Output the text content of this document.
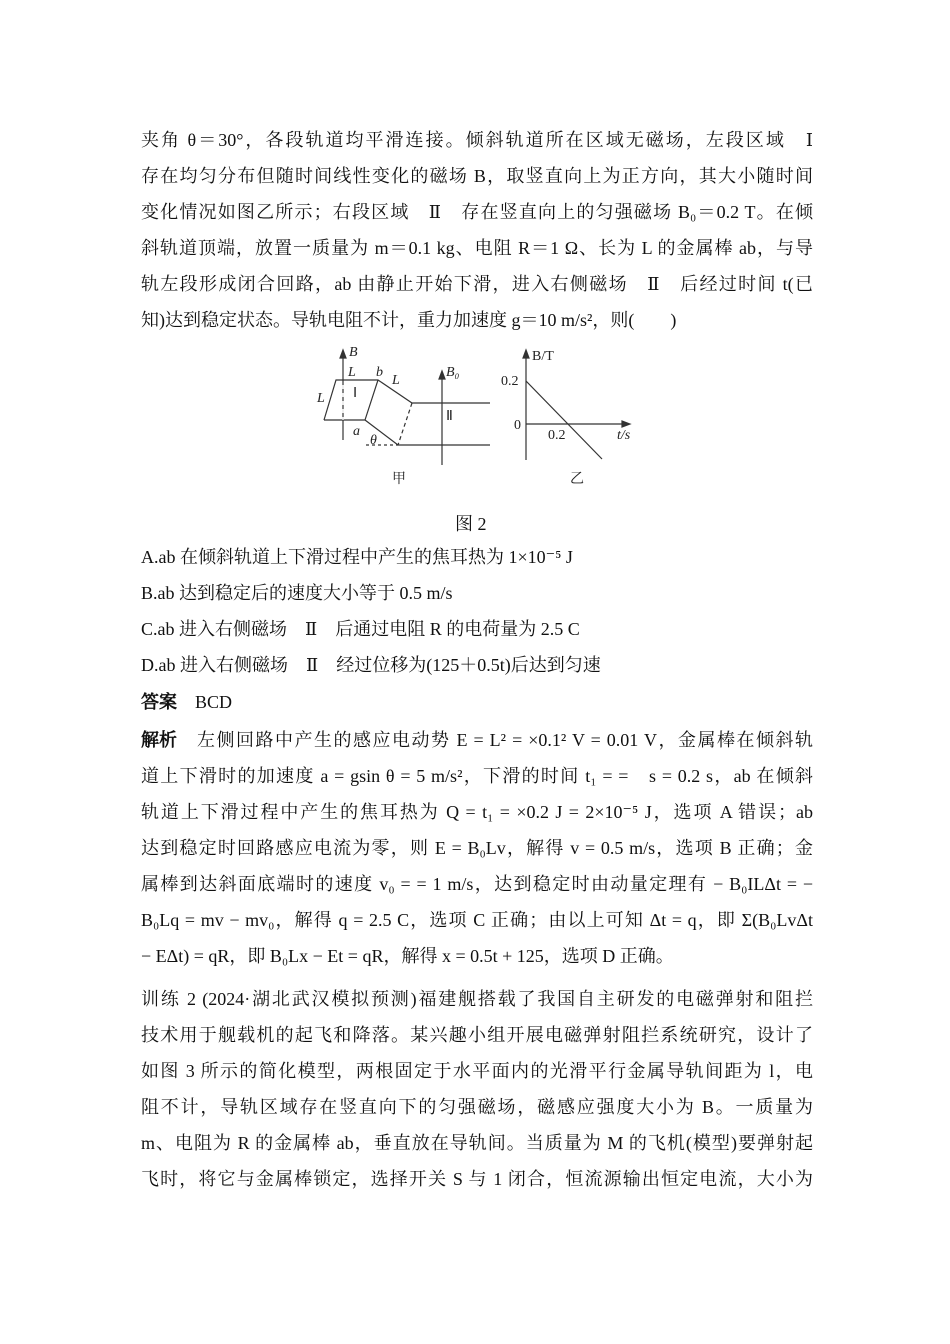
夹角 θ＝30°，各段轨道均平滑连接。倾斜轨道所在区域无磁场，左段区域　Ⅰ
存在均匀分布但随时间线性变化的磁场 B，取竖直向上为正方向，其大小随时间
变化情况如图乙所示；右段区域　Ⅱ　存在竖直向上的匀强磁场 B₀＝0.2 T。在倾
斜轨道顶端，放置一质量为 m＝0.1 kg、电阻 R＝1 Ω、长为 L 的金属棒 ab，与导
轨左段形成闭合回路，ab 由静止开始下滑，进入右侧磁场　Ⅱ　后经过时间 t(已
知)达到稳定状态。导轨电阻不计，重力加速度 g＝10 m/s²，则(　　)
B
L
L
L
b
a
θ
B₀
Ⅰ
Ⅱ
甲
B/T
0.2
0
0.2	t/s
乙
图 2
A.ab 在倾斜轨道上下滑过程中产生的焦耳热为 1×10⁻⁵ J
B.ab 达到稳定后的速度大小等于 0.5 m/s
C.ab 进入右侧磁场　Ⅱ　后通过电阻 R 的电荷量为 2.5 C
D.ab 进入右侧磁场　Ⅱ　经过位移为(125＋0.5t)后达到匀速
答案 BCD
解析 左侧回路中产生的感应电动势 E = L² = ×0.1² V = 0.01 V，金属棒在倾斜轨
道上下滑时的加速度 a = gsin θ = 5 m/s²，下滑的时间 t₁ = =　s = 0.2 s，ab 在倾斜
轨道上下滑过程中产生的焦耳热为 Q = t₁ = ×0.2 J = 2×10⁻⁵ J，选项 A 错误；ab
达到稳定时回路感应电流为零，则 E = B₀Lv，解得 v = 0.5 m/s，选项 B 正确；金
属棒到达斜面底端时的速度 v₀ = = 1 m/s，达到稳定时由动量定理有 − B₀ILΔt = −
B₀Lq = mv − mv₀，解得 q = 2.5 C，选项 C 正确；由以上可知 Δt = q，即 Σ(B₀LvΔt
− EΔt) = qR，即 B₀Lx − Et = qR，解得 x = 0.5t + 125，选项 D 正确。
训练 2 (2024·湖北武汉模拟预测)福建舰搭载了我国自主研发的电磁弹射和阻拦
技术用于舰载机的起飞和降落。某兴趣小组开展电磁弹射阻拦系统研究，设计了
如图 3 所示的简化模型，两根固定于水平面内的光滑平行金属导轨间距为 l，电
阻不计，导轨区域存在竖直向下的匀强磁场，磁感应强度大小为 B。一质量为
m、电阻为 R 的金属棒 ab，垂直放在导轨间。当质量为 M 的飞机(模型)要弹射起
飞时，将它与金属棒锁定，选择开关 S 与 1 闭合，恒流源输出恒定电流，大小为
